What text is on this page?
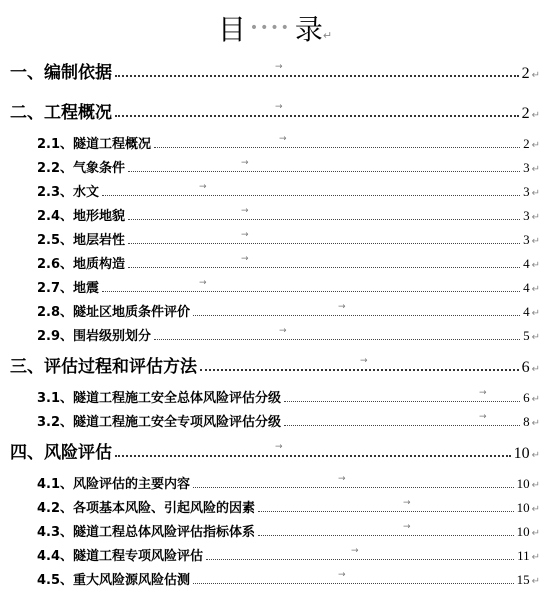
目 •••• 录 ↵
一、编制依据	→	2 ↵
二、工程概况	→	2 ↵
2.1、隧道工程概况	→	2 ↵
2.2、气象条件	→	3 ↵
2.3、水文	→	3 ↵
2.4、地形地貌	→	3 ↵
2.5、地层岩性	→	3 ↵
2.6、地质构造	→	4 ↵
2.7、地震	→	4 ↵
2.8、隧址区地质条件评价	→	4 ↵
2.9、围岩级别划分	→	5 ↵
三、评估过程和评估方法	→	6 ↵
3.1、隧道工程施工安全总体风险评估分级	→	6 ↵
3.2、隧道工程施工安全专项风险评估分级	→	8 ↵
四、风险评估	→	10 ↵
4.1、风险评估的主要内容	→	10 ↵
4.2、各项基本风险、引起风险的因素	→	10 ↵
4.3、隧道工程总体风险评估指标体系	→	10 ↵
4.4、隧道工程专项风险评估	→	11 ↵
4.5、重大风险源风险估测	→	15 ↵
